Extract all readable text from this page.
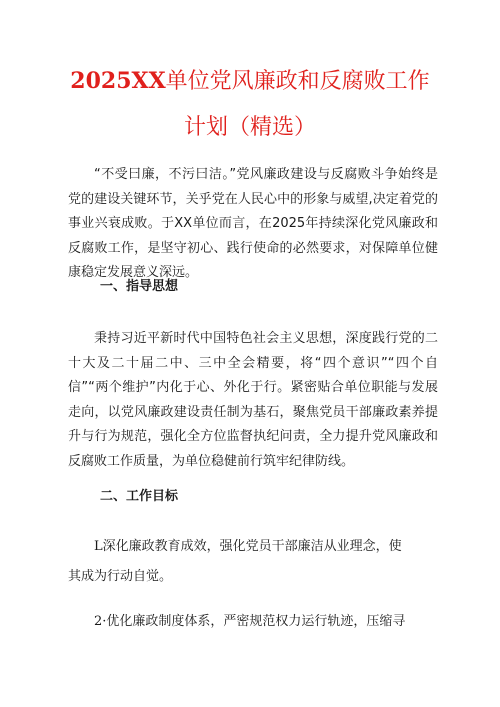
2025XX单位党风廉政和反腐败工作
计划（精选）
“不受曰廉，不污曰洁。”党风廉政建设与反腐败斗争始终是党的建设关键环节，关乎党在人民心中的形象与威望,决定着党的事业兴衰成败。于XX单位而言，在2025年持续深化党风廉政和反腐败工作，是坚守初心、践行使命的必然要求，对保障单位健康稳定发展意义深远。
一、指导思想
秉持习近平新时代中国特色社会主义思想，深度践行党的二十大及二十届二中、三中全会精要，将“四个意识”“四个自信”“两个维护”内化于心、外化于行。紧密贴合单位职能与发展走向，以党风廉政建设责任制为基石，聚焦党员干部廉政素养提升与行为规范，强化全方位监督执纪问责，全力提升党风廉政和反腐败工作质量，为单位稳健前行筑牢纪律防线。
二、工作目标
L深化廉政教育成效，强化党员干部廉洁从业理念，使
其成为行动自觉。
2·优化廉政制度体系，严密规范权力运行轨迹，压缩寻
